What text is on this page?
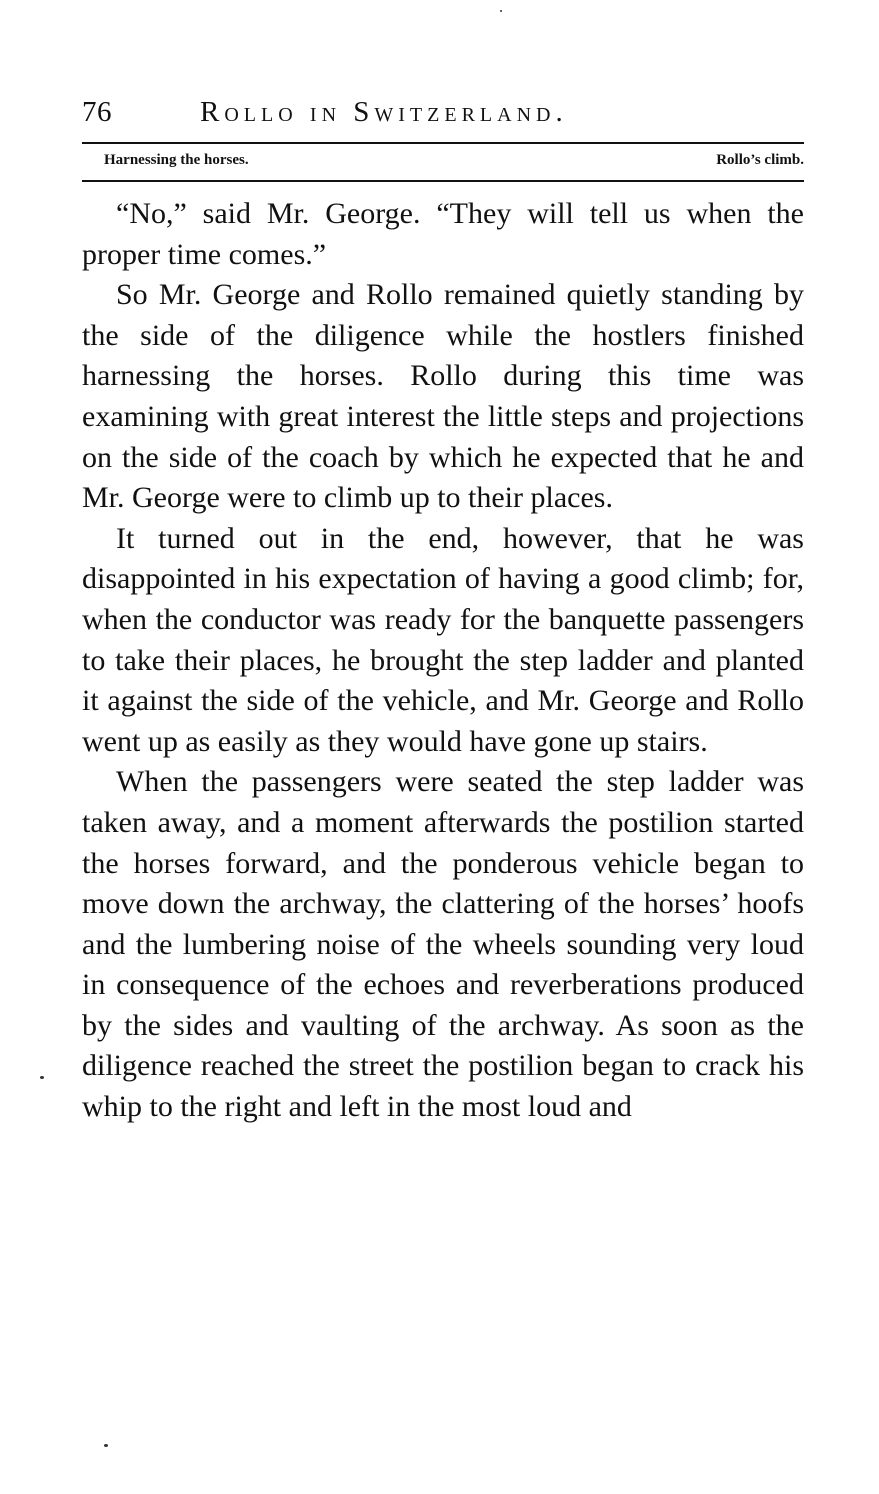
76	Rollo in Switzerland.
Harnessing the horses.	Rollo’s climb.

“No,” said Mr. George. “They will tell us when the proper time comes.”

So Mr. George and Rollo remained quietly standing by the side of the diligence while the hostlers finished harnessing the horses. Rollo during this time was examining with great interest the little steps and projections on the side of the coach by which he expected that he and Mr. George were to climb up to their places.

It turned out in the end, however, that he was disappointed in his expectation of having a good climb; for, when the conductor was ready for the banquette passengers to take their places, he brought the step ladder and planted it against the side of the vehicle, and Mr. George and Rollo went up as easily as they would have gone up stairs.

When the passengers were seated the step ladder was taken away, and a moment afterwards the postilion started the horses forward, and the ponderous vehicle began to move down the archway, the clattering of the horses’ hoofs and the lumbering noise of the wheels sounding very loud in consequence of the echoes and reverberations produced by the sides and vaulting of the archway. As soon as the diligence reached the street the postilion began to crack his whip to the right and left in the most loud and
